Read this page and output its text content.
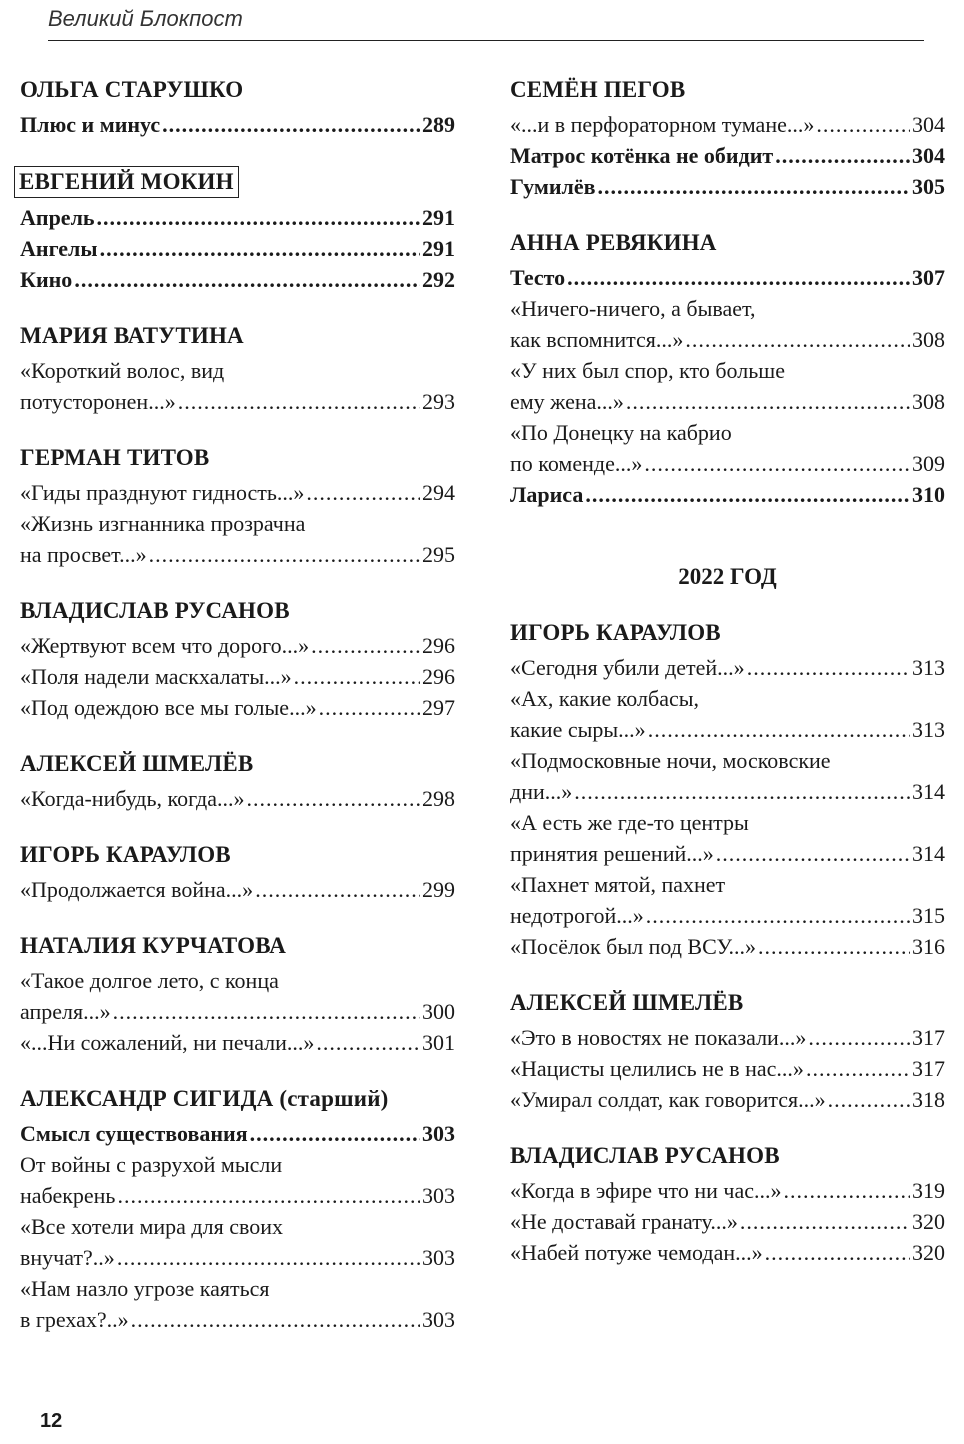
Великий Блокпост
ОЛЬГА СТАРУШКО
Плюс и минус .....	289
ЕВГЕНИЙ МОКИН
Апрель .....	291
Ангелы .....	291
Кино .....	292
МАРИЯ ВАТУТИНА
«Короткий волос, вид
потусторонен...» .....	293
ГЕРМАН ТИТОВ
«Гиды празднуют гидность...» .....	294
«Жизнь изгнанника прозрачна
на просвет...» .....	295
ВЛАДИСЛАВ РУСАНОВ
«Жертвуют всем что дорого...» .....	296
«Поля надели маскхалаты...» .....	296
«Под одеждою все мы голые...» .....	297
АЛЕКСЕЙ ШМЕЛЁВ
«Когда-нибудь, когда...» .....	298
ИГОРЬ КАРАУЛОВ
«Продолжается война...» .....	299
НАТАЛИЯ КУРЧАТОВА
«Такое долгое лето, с конца
апреля...» .....	300
«...Ни сожалений, ни печали...» .....	301
АЛЕКСАНДР СИГИДА (старший)
Смысл существования .....	303
От войны с разрухой мысли
набекрень .....	303
«Все хотели мира для своих
внучат?..» .....	303
«Нам назло угрозе каяться
в грехах?..» .....	303
СЕМЁН ПЕГОВ
«...и в перфораторном тумане...» .....	304
Матрос котёнка не обидит .....	304
Гумилёв .....	305
АННА РЕВЯКИНА
Тесто .....	307
«Ничего-ничего, а бывает,
как вспомнится...» .....	308
«У них был спор, кто больше
ему жена...» .....	308
«По Донецку на кабрио
по коменде...» .....	309
Лариса .....	310
2022 ГОД
ИГОРЬ КАРАУЛОВ
«Сегодня убили детей...» .....	313
«Ах, какие колбасы,
какие сыры...» .....	313
«Подмосковные ночи, московские
дни...» .....	314
«А есть же где-то центры
принятия решений...» .....	314
«Пахнет мятой, пахнет
недотрогой...» .....	315
«Посёлок был под ВСУ...» .....	316
АЛЕКСЕЙ ШМЕЛЁВ
«Это в новостях не показали...» .....	317
«Нацисты целились не в нас...» .....	317
«Умирал солдат, как говорится...» .....	318
ВЛАДИСЛАВ РУСАНОВ
«Когда в эфире что ни час...» .....	319
«Не доставай гранату...» .....	320
«Набей потуже чемодан...» .....	320
12
